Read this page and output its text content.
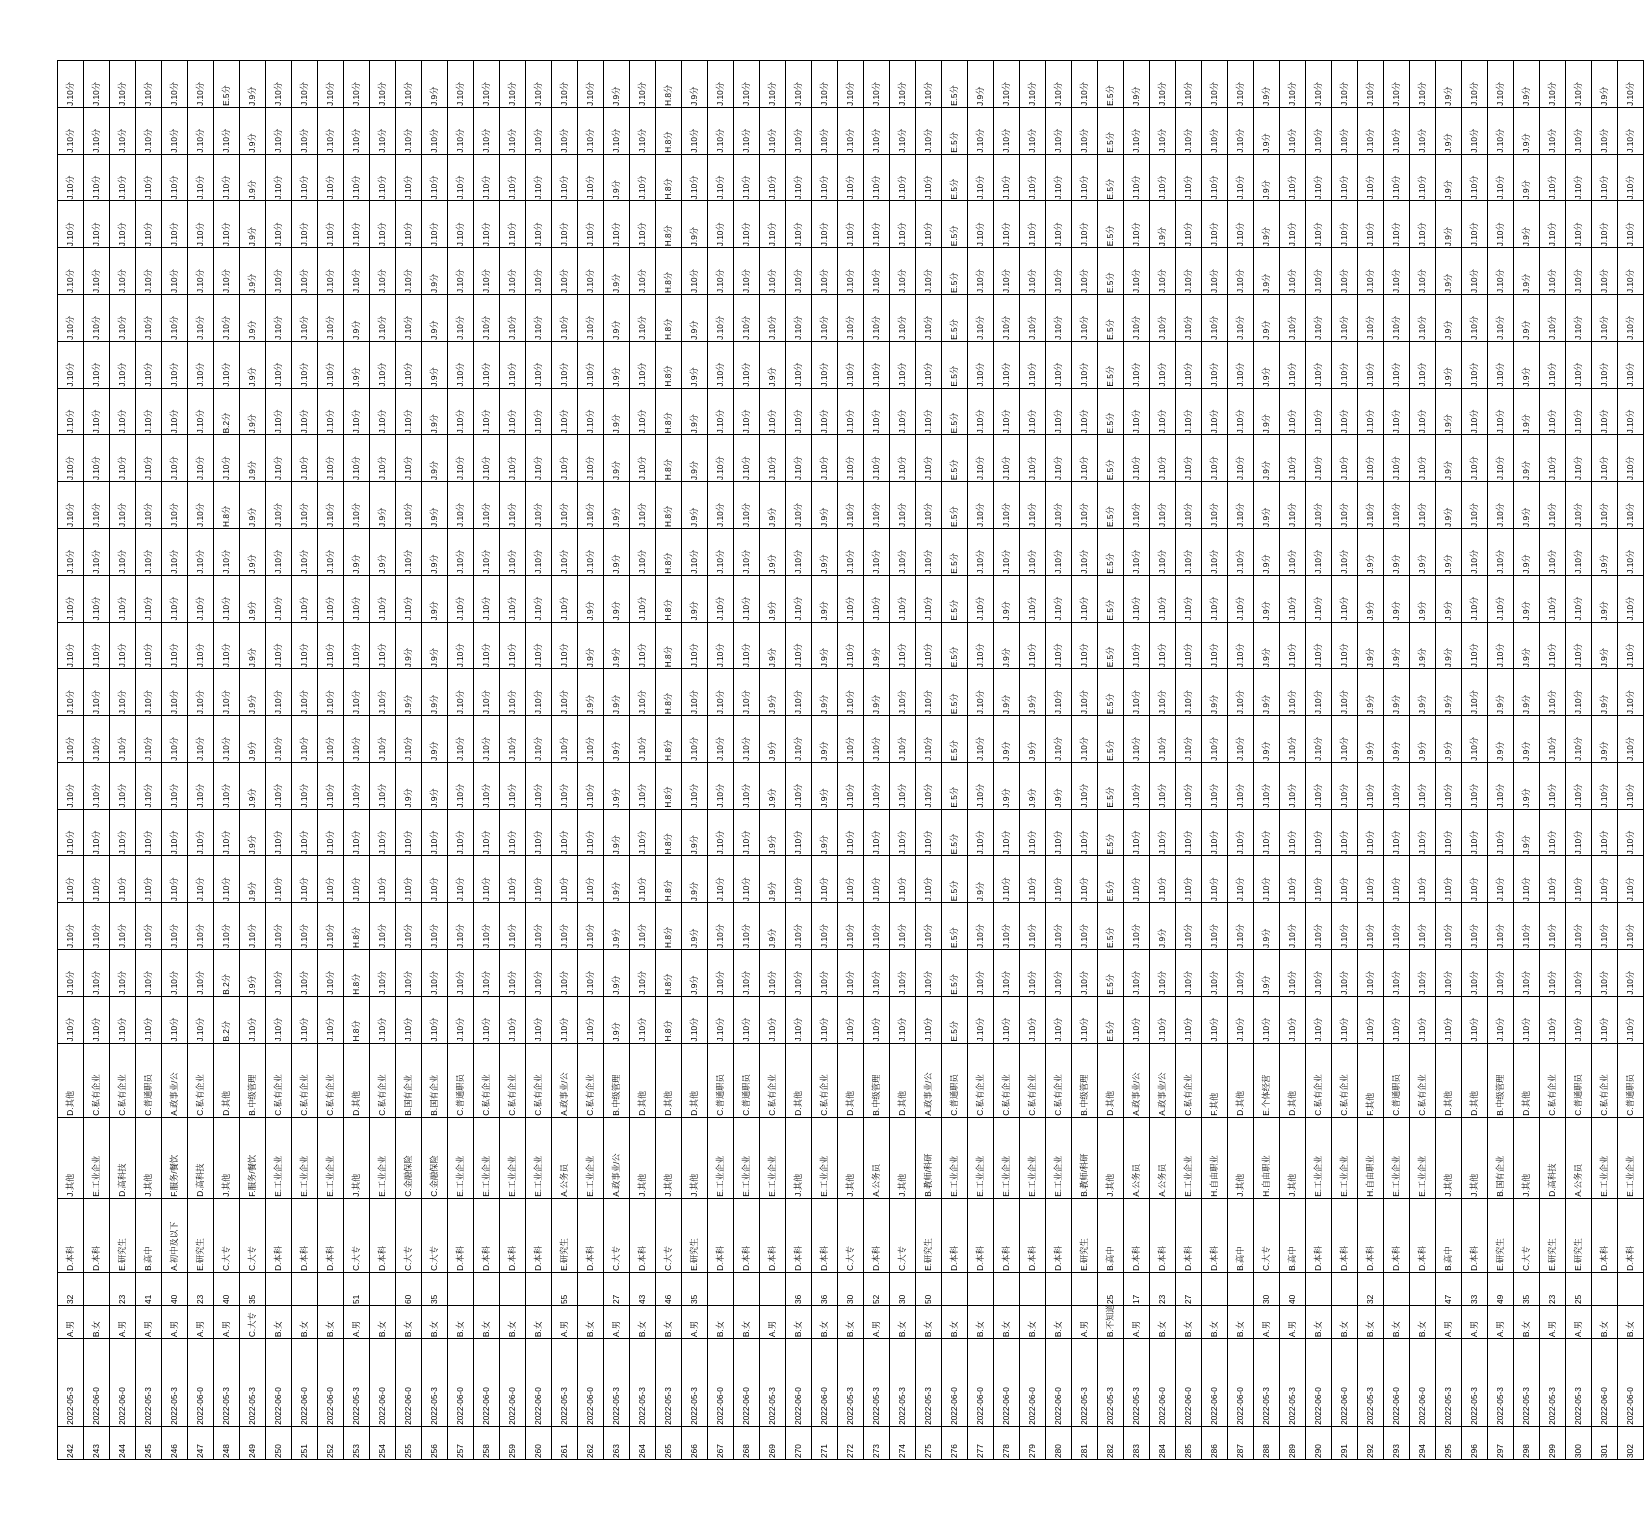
242	2022-05-3	A.男	32	D.本科	J.其他	D.其他	J.10分	J.10分	J.10分	J.10分	J.10分	J.10分	J.10分	J.10分	J.10分	J.10分	J.10分	J.10分	J.10分	J.10分	J.10分	J.10分	J.10分	J.10分	J.10分	J.10分	J.10分
243	2022-06-0	B.女		D.本科	E.工业企业	C.私有企业	J.10分	J.10分	J.10分	J.10分	J.10分	J.10分	J.10分	J.10分	J.10分	J.10分	J.10分	J.10分	J.10分	J.10分	J.10分	J.10分	J.10分	J.10分	J.10分	J.10分	J.10分
244	2022-06-0	A.男	23	E.研究生	D.高科技	C.私有企业	J.10分	J.10分	J.10分	J.10分	J.10分	J.10分	J.10分	J.10分	J.10分	J.10分	J.10分	J.10分	J.10分	J.10分	J.10分	J.10分	J.10分	J.10分	J.10分	J.10分	J.10分
245	2022-05-3	A.男	41	B.高中	J.其他	C.普通职员	J.10分	J.10分	J.10分	J.10分	J.10分	J.10分	J.10分	J.10分	J.10分	J.10分	J.10分	J.10分	J.10分	J.10分	J.10分	J.10分	J.10分	J.10分	J.10分	J.10分	J.10分
246	2022-05-3	A.男	40	A.初中及以下	F.服务/餐饮	A.政事业/公	J.10分	J.10分	J.10分	J.10分	J.10分	J.10分	J.10分	J.10分	J.10分	J.10分	J.10分	J.10分	J.10分	J.10分	J.10分	J.10分	J.10分	J.10分	J.10分	J.10分	J.10分
247	2022-06-0	A.男	23	E.研究生	D.高科技	C.私有企业	J.10分	J.10分	J.10分	J.10分	J.10分	J.10分	J.10分	J.10分	J.10分	J.10分	J.10分	J.10分	J.10分	J.10分	J.10分	J.10分	J.10分	J.10分	J.10分	J.10分	J.10分
248	2022-05-3	A.男	40	C.大专	J.其他	D.其他	B.2分	B.2分	J.10分	J.10分	J.10分	J.10分	J.10分	J.10分	J.10分	J.10分	J.10分	H.8分	J.10分	B.2分	J.10分	J.10分	J.10分	J.10分	J.10分	J.10分	E.5分
249	2022-05-3	C.大专	35	C.大专	F.服务/餐饮	B.中级管理	J.10分	J.9分	J.10分	J.9分	J.9分	J.9分	J.9分	J.9分	J.9分	J.9分	J.9分	J.9分	J.9分	J.9分	J.9分	J.9分	J.9分	J.9分	J.9分	J.9分	J.9分
250	2022-06-0	B.女		D.本科	E.工业企业	C.私有企业	J.10分	J.10分	J.10分	J.10分	J.10分	J.10分	J.10分	J.10分	J.10分	J.10分	J.10分	J.10分	J.10分	J.10分	J.10分	J.10分	J.10分	J.10分	J.10分	J.10分	J.10分
251	2022-06-0	B.女		D.本科	E.工业企业	C.私有企业	J.10分	J.10分	J.10分	J.10分	J.10分	J.10分	J.10分	J.10分	J.10分	J.10分	J.10分	J.10分	J.10分	J.10分	J.10分	J.10分	J.10分	J.10分	J.10分	J.10分	J.10分
252	2022-06-0	B.女		D.本科	E.工业企业	C.私有企业	J.10分	J.10分	J.10分	J.10分	J.10分	J.10分	J.10分	J.10分	J.10分	J.10分	J.10分	J.10分	J.10分	J.10分	J.10分	J.10分	J.10分	J.10分	J.10分	J.10分	J.10分
253	2022-05-3	A.男	51	C.大专	J.其他	D.其他	H.8分	H.8分	H.8分	J.10分	J.10分	J.10分	J.10分	J.10分	J.10分	J.10分	J.9分	J.10分	J.10分	J.10分	J.9分	J.9分	J.10分	J.10分	J.10分	J.10分	J.10分
254	2022-06-0	B.女		D.本科	E.工业企业	C.私有企业	J.10分	J.10分	J.10分	J.10分	J.10分	J.10分	J.10分	J.10分	J.10分	J.10分	J.9分	J.9分	J.10分	J.10分	J.10分	J.10分	J.10分	J.10分	J.10分	J.10分	J.10分
255	2022-06-0	B.女	60	C.大专	C.金融保险	B.国有企业	J.10分	J.10分	J.10分	J.10分	J.10分	J.9分	J.10分	J.9分	J.9分	J.10分	J.10分	J.10分	J.10分	J.10分	J.10分	J.10分	J.10分	J.10分	J.10分	J.10分	J.10分
256	2022-05-3	B.女	35	C.大专	C.金融保险	B.国有企业	J.10分	J.10分	J.10分	J.10分	J.10分	J.9分	J.9分	J.9分	J.9分	J.9分	J.9分	J.9分	J.9分	J.9分	J.9分	J.9分	J.9分	J.10分	J.10分	J.10分	J.9分
257	2022-06-0	B.女		D.本科	E.工业企业	C.普通职员	J.10分	J.10分	J.10分	J.10分	J.10分	J.10分	J.10分	J.10分	J.10分	J.10分	J.10分	J.10分	J.10分	J.10分	J.10分	J.10分	J.10分	J.10分	J.10分	J.10分	J.10分
258	2022-06-0	B.女		D.本科	E.工业企业	C.私有企业	J.10分	J.10分	J.10分	J.10分	J.10分	J.10分	J.10分	J.10分	J.10分	J.10分	J.10分	J.10分	J.10分	J.10分	J.10分	J.10分	J.10分	J.10分	J.10分	J.10分	J.10分
259	2022-06-0	B.女		D.本科	E.工业企业	C.私有企业	J.10分	J.10分	J.10分	J.10分	J.10分	J.10分	J.10分	J.10分	J.10分	J.10分	J.10分	J.10分	J.10分	J.10分	J.10分	J.10分	J.10分	J.10分	J.10分	J.10分	J.10分
260	2022-06-0	B.女		D.本科	E.工业企业	C.私有企业	J.10分	J.10分	J.10分	J.10分	J.10分	J.10分	J.10分	J.10分	J.10分	J.10分	J.10分	J.10分	J.10分	J.10分	J.10分	J.10分	J.10分	J.10分	J.10分	J.10分	J.10分
261	2022-05-3	A.男	55	E.研究生	A.公务员	A.政事业/公	J.10分	J.10分	J.10分	J.10分	J.10分	J.10分	J.10分	J.10分	J.10分	J.10分	J.10分	J.10分	J.10分	J.10分	J.10分	J.10分	J.10分	J.10分	J.10分	J.10分	J.10分
262	2022-06-0	B.女		D.本科	E.工业企业	C.私有企业	J.10分	J.10分	J.10分	J.10分	J.10分	J.10分	J.10分	J.9分	J.9分	J.9分	J.10分	J.10分	J.10分	J.10分	J.10分	J.10分	J.10分	J.10分	J.10分	J.10分	J.10分
263	2022-05-3	A.男	27	C.大专	A.政事业/公	B.中级管理	J.9分	J.9分	J.9分	J.9分	J.9分	J.9分	J.9分	J.9分	J.9分	J.9分	J.9分	J.9分	J.9分	J.9分	J.9分	J.9分	J.9分	J.10分	J.9分	J.10分	J.9分
264	2022-05-3	B.女	43	D.本科	J.其他	D.其他	J.10分	J.10分	J.10分	J.10分	J.10分	J.10分	J.10分	J.10分	J.10分	J.10分	J.10分	J.10分	J.10分	J.10分	J.10分	J.10分	J.10分	J.10分	J.10分	J.10分	J.10分
265	2022-05-3	B.女	46	C.大专	J.其他	D.其他	H.8分	H.8分	H.8分	H.8分	H.8分	H.8分	H.8分	H.8分	H.8分	H.8分	H.8分	H.8分	H.8分	H.8分	H.8分	H.8分	H.8分	H.8分	H.8分	H.8分	H.8分
266	2022-05-3	A.男	35	E.研究生	J.其他	D.其他	J.10分	J.9分	J.9分	J.9分	J.9分	J.10分	J.10分	J.10分	J.10分	J.9分	J.10分	J.9分	J.9分	J.9分	J.9分	J.9分	J.10分	J.9分	J.10分	J.10分	J.9分
267	2022-06-0	B.女		D.本科	E.工业企业	C.普通职员	J.10分	J.10分	J.10分	J.10分	J.10分	J.10分	J.10分	J.10分	J.10分	J.10分	J.10分	J.10分	J.10分	J.10分	J.10分	J.10分	J.10分	J.10分	J.10分	J.10分	J.10分
268	2022-06-0	B.女		D.本科	E.工业企业	C.普通职员	J.10分	J.10分	J.10分	J.10分	J.10分	J.10分	J.10分	J.10分	J.10分	J.10分	J.10分	J.10分	J.10分	J.10分	J.10分	J.10分	J.10分	J.10分	J.10分	J.10分	J.10分
269	2022-05-3	A.男		D.本科	E.工业企业	C.私有企业	J.10分	J.10分	J.9分	J.9分	J.9分	J.9分	J.9分	J.9分	J.9分	J.9分	J.9分	J.9分	J.10分	J.10分	J.9分	J.10分	J.10分	J.10分	J.10分	J.10分	J.10分
270	2022-06-0	B.女	36	D.本科	J.其他	D.其他	J.10分	J.10分	J.10分	J.10分	J.10分	J.10分	J.10分	J.10分	J.10分	J.10分	J.10分	J.10分	J.10分	J.10分	J.10分	J.10分	J.10分	J.10分	J.10分	J.10分	J.10分
271	2022-06-0	B.女	36	D.本科	E.工业企业	C.私有企业	J.10分	J.10分	J.10分	J.10分	J.9分	J.9分	J.9分	J.9分	J.9分	J.9分	J.9分	J.9分	J.10分	J.10分	J.10分	J.10分	J.10分	J.10分	J.10分	J.10分	J.10分
272	2022-05-3	B.女	30	C.大专	J.其他	D.其他	J.10分	J.10分	J.10分	J.10分	J.10分	J.10分	J.10分	J.10分	J.10分	J.10分	J.10分	J.10分	J.10分	J.10分	J.10分	J.10分	J.10分	J.10分	J.10分	J.10分	J.10分
273	2022-05-3	A.男	52	D.本科	A.公务员	B.中级管理	J.10分	J.10分	J.10分	J.10分	J.10分	J.10分	J.10分	J.9分	J.9分	J.10分	J.10分	J.10分	J.10分	J.10分	J.10分	J.10分	J.10分	J.10分	J.10分	J.10分	J.10分
274	2022-05-3	B.女	30	C.大专	J.其他	D.其他	J.10分	J.10分	J.10分	J.10分	J.10分	J.10分	J.10分	J.10分	J.10分	J.10分	J.10分	J.10分	J.10分	J.10分	J.10分	J.10分	J.10分	J.10分	J.10分	J.10分	J.10分
275	2022-05-3	B.女	50	E.研究生	B.教师/科研	A.政事业/公	J.10分	J.10分	J.10分	J.10分	J.10分	J.10分	J.10分	J.10分	J.10分	J.10分	J.10分	J.10分	J.10分	J.10分	J.10分	J.10分	J.10分	J.10分	J.10分	J.10分	J.10分
276	2022-06-0	B.女		D.本科	E.工业企业	C.普通职员	E.5分	E.5分	E.5分	E.5分	E.5分	E.5分	E.5分	E.5分	E.5分	E.5分	E.5分	E.5分	E.5分	E.5分	E.5分	E.5分	E.5分	E.5分	E.5分	E.5分	E.5分
277	2022-06-0	B.女		D.本科	E.工业企业	C.私有企业	J.10分	J.10分	J.10分	J.9分	J.10分	J.10分	J.10分	J.10分	J.10分	J.10分	J.10分	J.10分	J.10分	J.10分	J.10分	J.10分	J.10分	J.10分	J.10分	J.10分	J.9分
278	2022-06-0	B.女		D.本科	E.工业企业	C.私有企业	J.10分	J.10分	J.10分	J.10分	J.10分	J.9分	J.9分	J.9分	J.9分	J.9分	J.10分	J.10分	J.10分	J.10分	J.10分	J.10分	J.10分	J.10分	J.10分	J.10分	J.10分
279	2022-06-0	B.女		D.本科	E.工业企业	C.私有企业	J.10分	J.10分	J.10分	J.10分	J.10分	J.9分	J.9分	J.9分	J.10分	J.10分	J.10分	J.10分	J.10分	J.10分	J.10分	J.10分	J.10分	J.10分	J.10分	J.10分	J.10分
280	2022-06-0	B.女		D.本科	E.工业企业	C.私有企业	J.10分	J.10分	J.10分	J.10分	J.10分	J.9分	J.10分	J.10分	J.10分	J.10分	J.10分	J.10分	J.10分	J.10分	J.10分	J.10分	J.10分	J.10分	J.10分	J.10分	J.10分
281	2022-05-3	A.男		E.研究生	B.教师/科研	B.中级管理	J.10分	J.10分	J.10分	J.10分	J.10分	J.10分	J.10分	J.10分	J.10分	J.10分	J.10分	J.10分	J.10分	J.10分	J.10分	J.10分	J.10分	J.10分	J.10分	J.10分	J.10分
282	2022-05-3	B.不知道	25	B.高中	J.其他	D.其他	E.5分	E.5分	E.5分	E.5分	E.5分	E.5分	E.5分	E.5分	E.5分	E.5分	E.5分	E.5分	E.5分	E.5分	E.5分	E.5分	E.5分	E.5分	E.5分	E.5分	E.5分
283	2022-05-3	A.男	17	D.本科	A.公务员	A.政事业/公	J.10分	J.10分	J.10分	J.10分	J.10分	J.10分	J.10分	J.10分	J.10分	J.10分	J.10分	J.10分	J.10分	J.10分	J.10分	J.10分	J.10分	J.10分	J.10分	J.10分	J.9分
284	2022-06-0	B.女	23	D.本科	A.公务员	A.政事业/公	J.10分	J.10分	J.9分	J.10分	J.10分	J.10分	J.10分	J.10分	J.10分	J.10分	J.10分	J.10分	J.10分	J.10分	J.10分	J.10分	J.10分	J.9分	J.10分	J.10分	J.10分
285	2022-06-0	B.女	27	D.本科	E.工业企业	C.私有企业	J.10分	J.10分	J.10分	J.10分	J.10分	J.10分	J.10分	J.10分	J.10分	J.10分	J.10分	J.10分	J.10分	J.10分	J.10分	J.10分	J.10分	J.10分	J.10分	J.10分	J.10分
286	2022-06-0	B.女		D.本科	H.自由职业	F.其他	J.10分	J.10分	J.10分	J.10分	J.10分	J.10分	J.10分	J.9分	J.10分	J.10分	J.10分	J.10分	J.10分	J.10分	J.10分	J.10分	J.10分	J.10分	J.10分	J.10分	J.10分
287	2022-06-0	B.女		B.高中	J.其他	D.其他	J.10分	J.10分	J.10分	J.10分	J.10分	J.10分	J.10分	J.10分	J.10分	J.10分	J.10分	J.10分	J.10分	J.10分	J.10分	J.10分	J.10分	J.10分	J.10分	J.10分	J.10分
288	2022-05-3	A.男	30	C.大专	H.自由职业	E.个体经营	J.10分	J.9分	J.9分	J.10分	J.10分	J.10分	J.9分	J.9分	J.9分	J.9分	J.9分	J.9分	J.9分	J.9分	J.9分	J.9分	J.9分	J.9分	J.9分	J.9分	J.9分
289	2022-05-3	A.男	40	B.高中	J.其他	D.其他	J.10分	J.10分	J.10分	J.10分	J.10分	J.10分	J.10分	J.10分	J.10分	J.10分	J.10分	J.10分	J.10分	J.10分	J.10分	J.10分	J.10分	J.10分	J.10分	J.10分	J.10分
290	2022-06-0	B.女		D.本科	E.工业企业	C.私有企业	J.10分	J.10分	J.10分	J.10分	J.10分	J.10分	J.10分	J.10分	J.10分	J.10分	J.10分	J.10分	J.10分	J.10分	J.10分	J.10分	J.10分	J.10分	J.10分	J.10分	J.10分
291	2022-06-0	B.女		D.本科	E.工业企业	C.私有企业	J.10分	J.10分	J.10分	J.10分	J.10分	J.10分	J.10分	J.10分	J.10分	J.10分	J.10分	J.10分	J.10分	J.10分	J.10分	J.10分	J.10分	J.10分	J.10分	J.10分	J.10分
292	2022-05-3	B.女	32	D.本科	H.自由职业	F.其他	J.10分	J.10分	J.10分	J.10分	J.10分	J.10分	J.9分	J.9分	J.9分	J.9分	J.9分	J.10分	J.10分	J.10分	J.10分	J.10分	J.10分	J.10分	J.10分	J.10分	J.10分
293	2022-06-0	B.女		D.本科	E.工业企业	C.普通职员	J.10分	J.10分	J.10分	J.10分	J.10分	J.10分	J.9分	J.9分	J.9分	J.9分	J.9分	J.10分	J.10分	J.10分	J.10分	J.10分	J.10分	J.10分	J.10分	J.10分	J.10分
294	2022-06-0	B.女		D.本科	E.工业企业	C.私有企业	J.10分	J.10分	J.10分	J.10分	J.10分	J.10分	J.9分	J.9分	J.9分	J.9分	J.9分	J.10分	J.10分	J.10分	J.10分	J.10分	J.10分	J.10分	J.10分	J.10分	J.10分
295	2022-05-3	A.男	47	B.高中	J.其他	D.其他	J.10分	J.10分	J.10分	J.10分	J.10分	J.10分	J.9分	J.9分	J.9分	J.9分	J.9分	J.9分	J.9分	J.9分	J.9分	J.9分	J.9分	J.9分	J.9分	J.9分	J.9分
296	2022-05-3	A.男	33	D.本科	J.其他	D.其他	J.10分	J.10分	J.10分	J.10分	J.10分	J.10分	J.10分	J.10分	J.10分	J.10分	J.10分	J.10分	J.10分	J.10分	J.10分	J.10分	J.10分	J.10分	J.10分	J.10分	J.10分
297	2022-05-3	A.男	49	E.研究生	B.国有企业	B.中级管理	J.10分	J.10分	J.10分	J.10分	J.10分	J.10分	J.9分	J.9分	J.10分	J.10分	J.10分	J.10分	J.10分	J.10分	J.10分	J.10分	J.10分	J.10分	J.10分	J.10分	J.10分
298	2022-05-3	B.女	35	C.大专	J.其他	D.其他	J.10分	J.10分	J.10分	J.10分	J.9分	J.9分	J.9分	J.9分	J.9分	J.9分	J.9分	J.9分	J.9分	J.9分	J.9分	J.9分	J.9分	J.9分	J.9分	J.9分	J.9分
299	2022-05-3	A.男	23	E.研究生	D.高科技	C.私有企业	J.10分	J.10分	J.10分	J.10分	J.10分	J.10分	J.10分	J.10分	J.10分	J.10分	J.10分	J.10分	J.10分	J.10分	J.10分	J.10分	J.10分	J.10分	J.10分	J.10分	J.10分
300	2022-05-3	A.男	25	E.研究生	A.公务员	C.普通职员	J.10分	J.10分	J.10分	J.10分	J.10分	J.10分	J.10分	J.10分	J.10分	J.10分	J.10分	J.10分	J.10分	J.10分	J.10分	J.10分	J.10分	J.10分	J.10分	J.10分	J.10分
301	2022-06-0	B.女		D.本科	E.工业企业	C.私有企业	J.10分	J.10分	J.10分	J.10分	J.10分	J.10分	J.9分	J.9分	J.9分	J.9分	J.9分	J.10分	J.10分	J.10分	J.10分	J.10分	J.10分	J.10分	J.10分	J.10分	J.9分
302	2022-06-0	B.女		D.本科	E.工业企业	C.普通职员	J.10分	J.10分	J.10分	J.10分	J.10分	J.10分	J.10分	J.10分	J.10分	J.10分	J.10分	J.10分	J.10分	J.10分	J.10分	J.10分	J.10分	J.10分	J.10分	J.10分	J.10分
